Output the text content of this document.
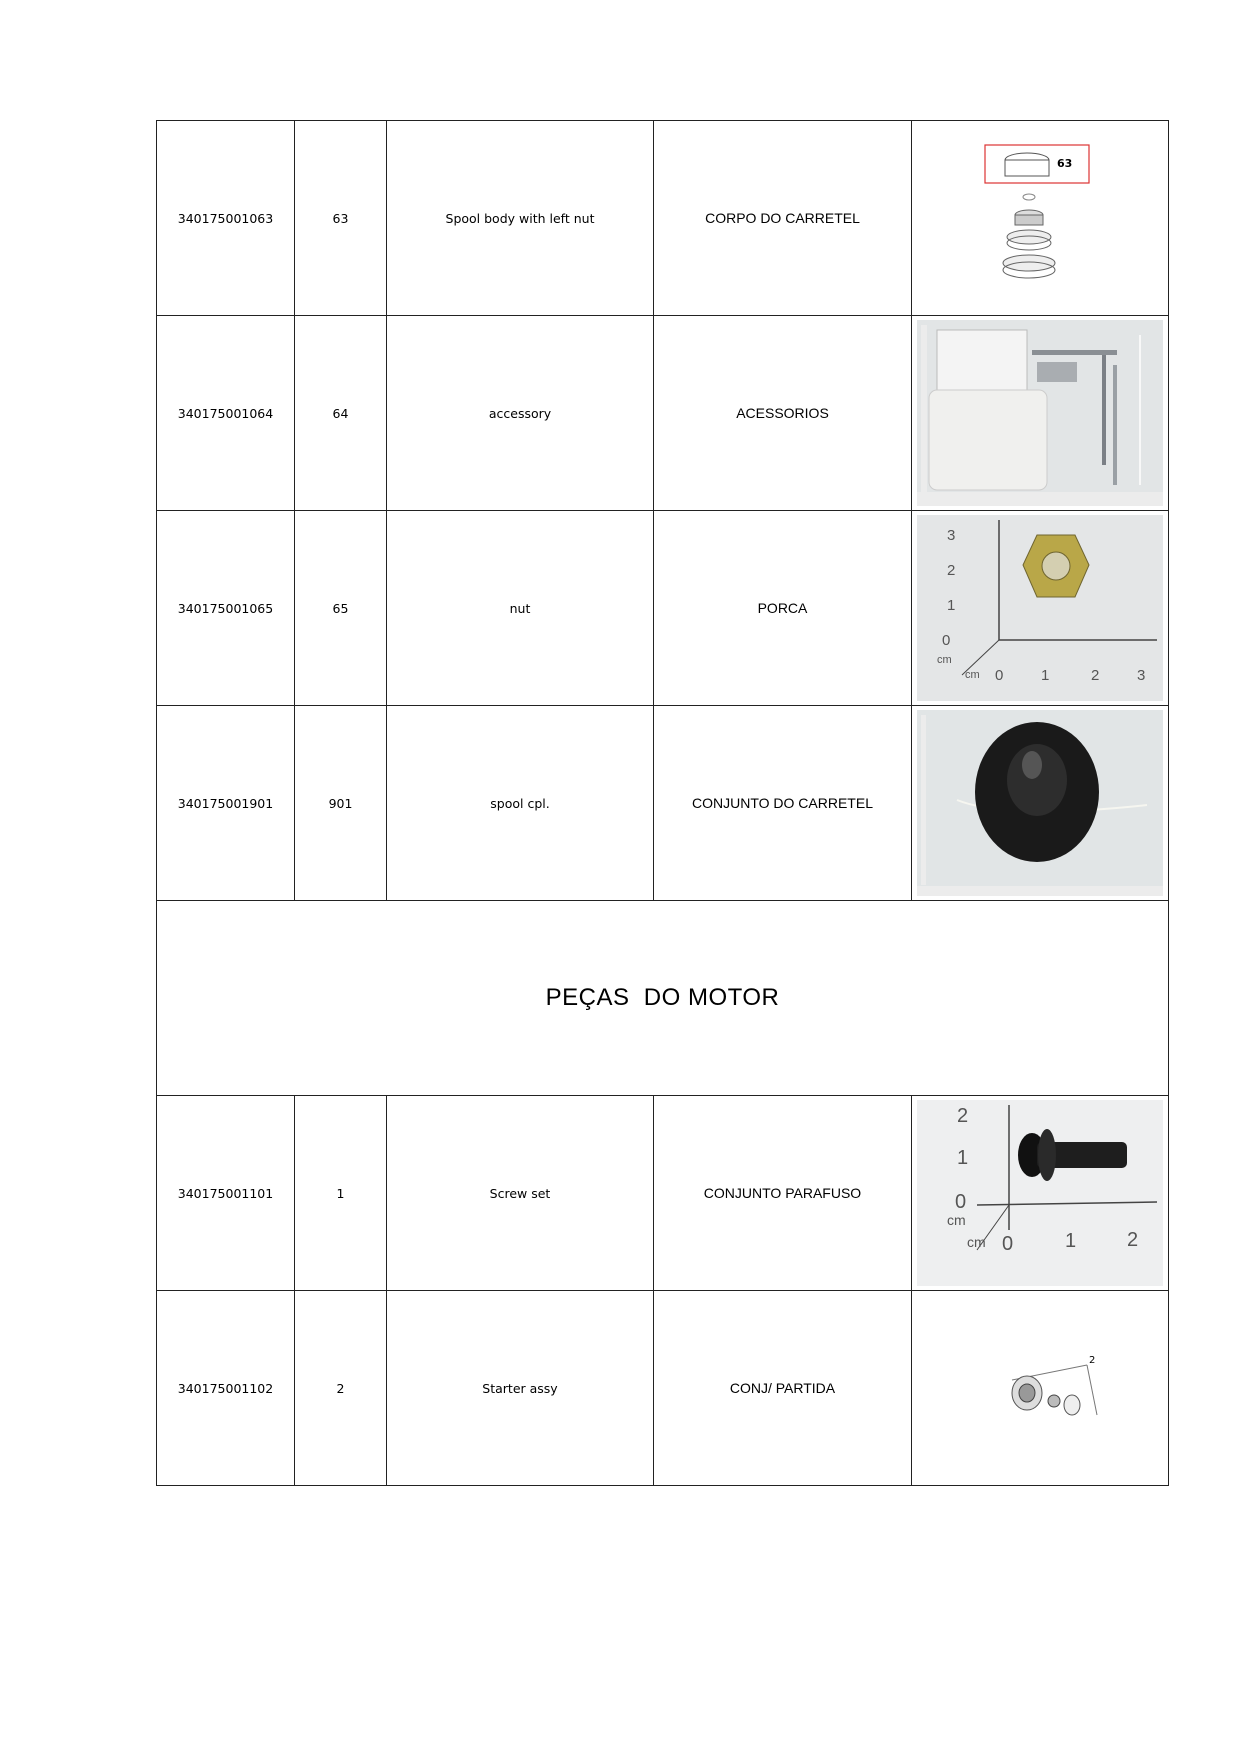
340175001063	63	Spool body with left nut	CORPO DO CARRETEL	63

340175001064	64	accessory	ACESSORIOS	

340175001065	65	nut	PORCA	
3
2
1
0
0	1	2	3
cm
cm

340175001901	901	spool cpl.	CONJUNTO DO CARRETEL	

PEÇAS  DO MOTOR				
340175001101	1	Screw set	CONJUNTO PARAFUSO	
2
1
0
0	1	2
cm
cm

340175001102	2	Starter assy	CONJ/ PARTIDA	2
